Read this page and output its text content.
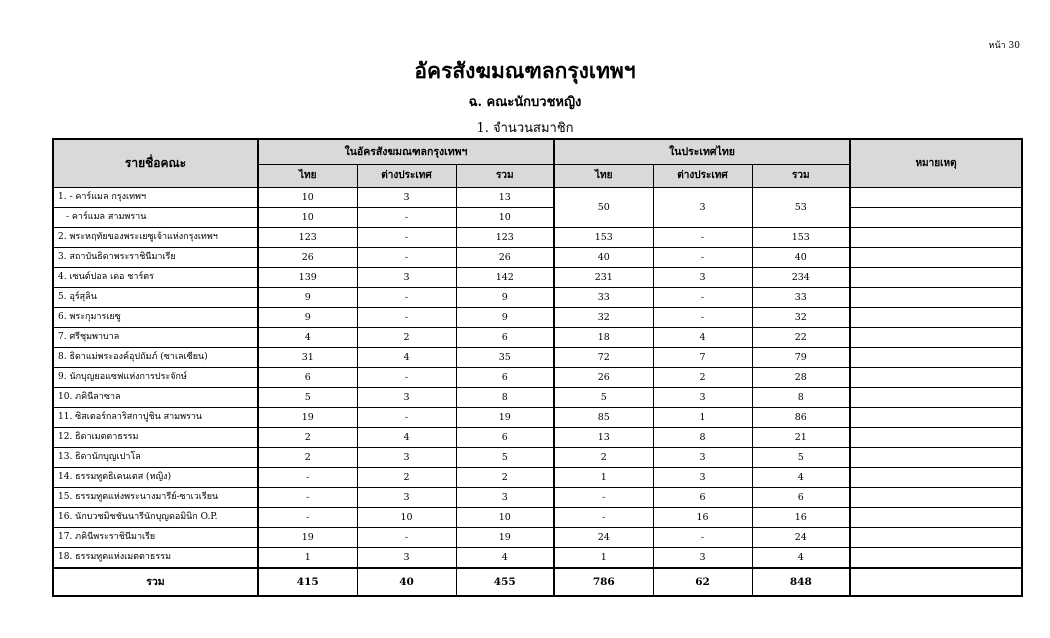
หน้า 30
อัครสังฆมณฑลกรุงเทพฯ
ฉ. คณะนักบวชหญิง
1. จำนวนสมาชิก
รายชื่อคณะ	ในอัครสังฆมณฑลกรุงเทพฯ			ในประเทศไทย			หมายเหตุ
	ไทย	ต่างประเทศ	รวม	ไทย	ต่างประเทศ	รวม	
1. - คาร์แมล กรุงเทพฯ	10	3	13	50	3	53	
- คาร์แมล สามพราน	10	-	10				
2. พระหฤทัยของพระเยซูเจ้าแห่งกรุงเทพฯ	123	-	123	153	-	153	
3. สถาบันธิดาพระราชินีมาเรีย	26	-	26	40	-	40	
4. เซนต์ปอล เดอ ชาร์ตร	139	3	142	231	3	234	
5. อุร์สุลิน	9	-	9	33	-	33	
6. พระกุมารเยซู	9	-	9	32	-	32	
7. ศรีชุมพาบาล	4	2	6	18	4	22	
8. ธิดาแม่พระองค์อุปถัมภ์ (ซาเลเซียน)	31	4	35	72	7	79	
9. นักบุญยอแซฟแห่งการประจักษ์	6	-	6	26	2	28	
10. ภคินีลาซาล	5	3	8	5	3	8	
11. ซิสเตอร์กลาริสกาปูชิน สามพราน	19	-	19	85	1	86	
12. ธิดาเมตตาธรรม	2	4	6	13	8	21	
13. ธิดานักบุญเปาโล	2	3	5	2	3	5	
14. ธรรมทูตธิเคนเตส (หญิง)	-	2	2	1	3	4	
15. ธรรมทูตแห่งพระนางมารีย์-ซาเวเรียน	-	3	3	-	6	6	
16. นักบวชมิชชันนารีนักบุญดอมินิก O.P.	-	10	10	-	16	16	
17. ภคินีพระราชินีมาเรีย	19	-	19	24	-	24	
18. ธรรมทูตแห่งเมตตาธรรม	1	3	4	1	3	4	
รวม	415	40	455	786	62	848	
